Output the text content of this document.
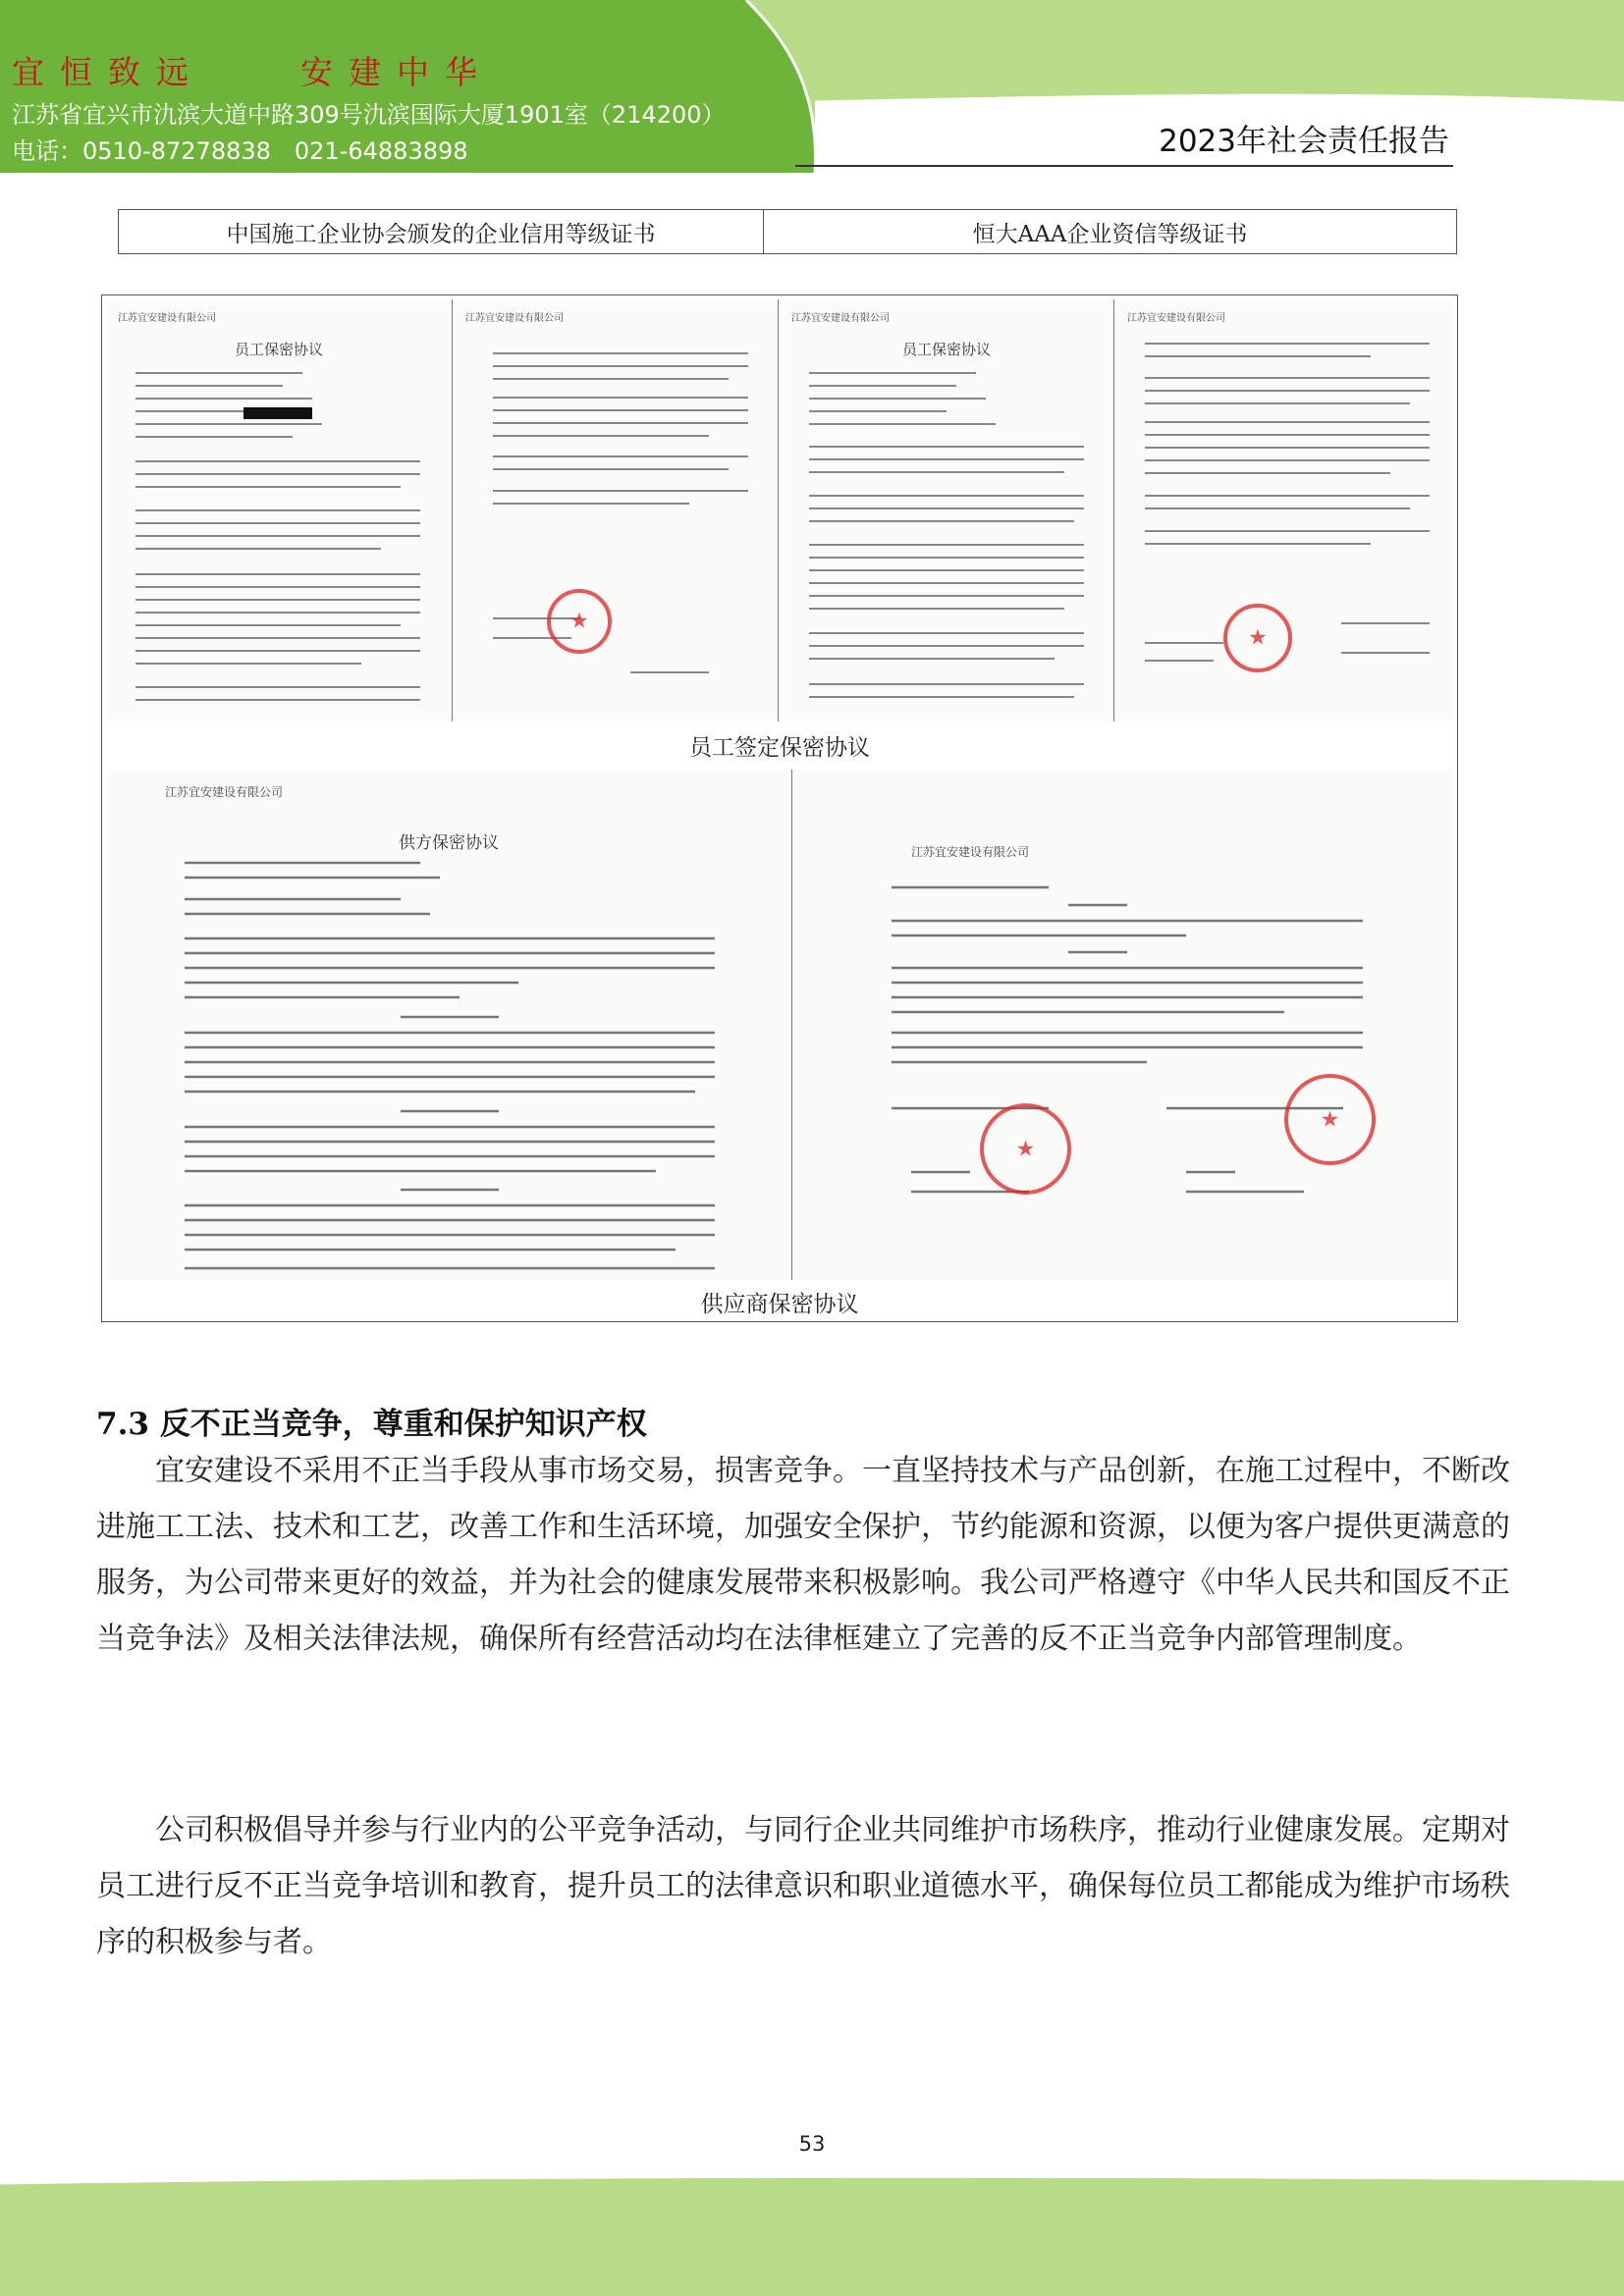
宜恒致远　　安建中华
江苏省宜兴市氿滨大道中路309号氿滨国际大厦1901室（214200）
电话：0510-87278838　021-64883898	2023年社会责任报告
中国施工企业协会颁发的企业信用等级证书	恒大AAA企业资信等级证书
江苏宜安建设有限公司
员工保密协议
江苏宜安建设有限公司
★	江苏宜安建设有限公司
员工保密协议
江苏宜安建设有限公司
★
员工签定保密协议
江苏宜安建设有限公司
供方保密协议	江苏宜安建设有限公司
★
★
供应商保密协议
7.3 反不正当竞争，尊重和保护知识产权
宜安建设不采用不正当手段从事市场交易，损害竞争。一直坚持技术与产品创新，在施工过程中，不断改进施工工法、技术和工艺，改善工作和生活环境，加强安全保护，节约能源和资源，以便为客户提供更满意的服务，为公司带来更好的效益，并为社会的健康发展带来积极影响。我公司严格遵守《中华人民共和国反不正当竞争法》及相关法律法规，确保所有经营活动均在法律框建立了完善的反不正当竞争内部管理制度。
公司积极倡导并参与行业内的公平竞争活动，与同行企业共同维护市场秩序，推动行业健康发展。定期对员工进行反不正当竞争培训和教育，提升员工的法律意识和职业道德水平，确保每位员工都能成为维护市场秩序的积极参与者。
53
